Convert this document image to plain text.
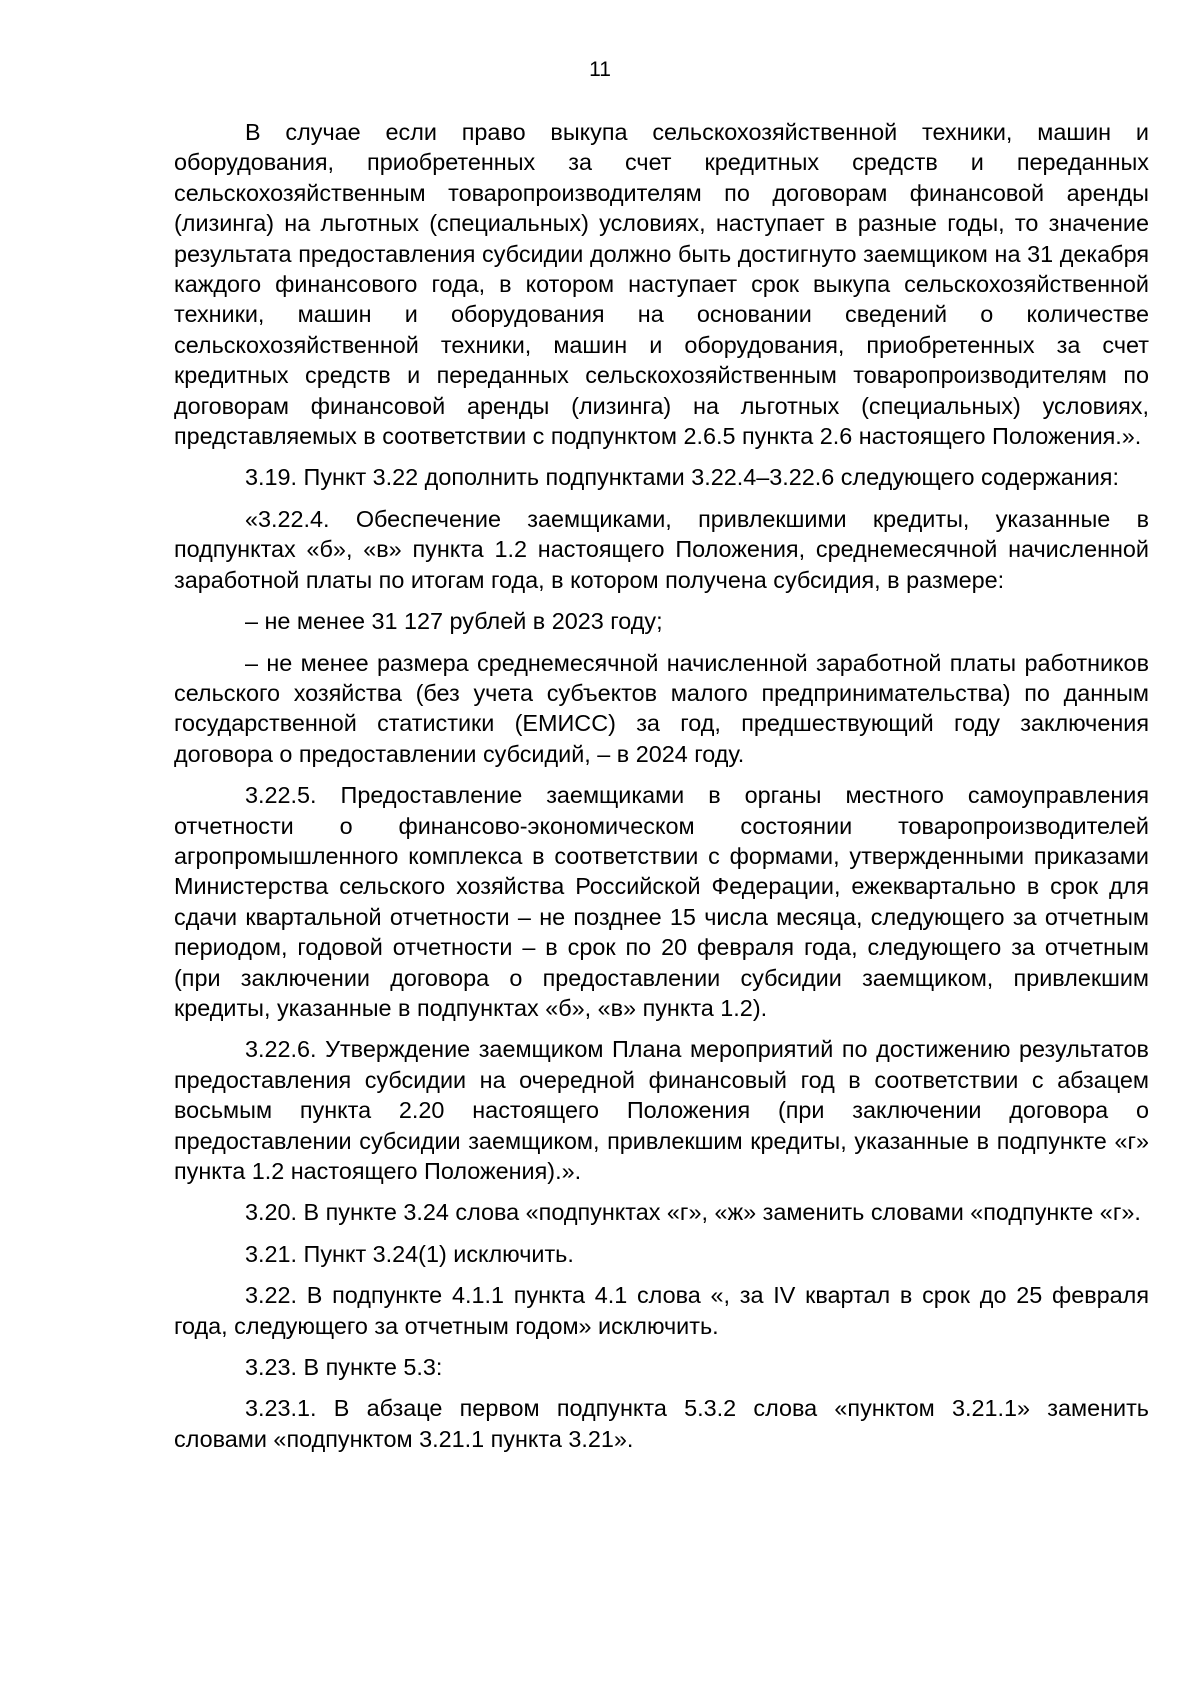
11

В случае если право выкупа сельскохозяйственной техники, машин и оборудования, приобретенных за счет кредитных средств и переданных сельскохозяйственным товаропроизводителям по договорам финансовой аренды (лизинга) на льготных (специальных) условиях, наступает в разные годы, то значение результата предоставления субсидии должно быть достигнуто заемщиком на 31 декабря каждого финансового года, в котором наступает срок выкупа сельскохозяйственной техники, машин и оборудования на основании сведений о количестве сельскохозяйственной техники, машин и оборудования, приобретенных за счет кредитных средств и переданных сельскохозяйственным товаропроизводителям по договорам финансовой аренды (лизинга) на льготных (специальных) условиях, представляемых в соответствии с подпунктом 2.6.5 пункта 2.6 настоящего Положения.».

3.19. Пункт 3.22 дополнить подпунктами 3.22.4–3.22.6 следующего содержания:

«3.22.4. Обеспечение заемщиками, привлекшими кредиты, указанные в подпунктах «б», «в» пункта 1.2 настоящего Положения, среднемесячной начисленной заработной платы по итогам года, в котором получена субсидия, в размере:

– не менее 31 127 рублей в 2023 году;

– не менее размера среднемесячной начисленной заработной платы работников сельского хозяйства (без учета субъектов малого предпринимательства) по данным государственной статистики (ЕМИСС) за год, предшествующий году заключения договора о предоставлении субсидий, – в 2024 году.

3.22.5. Предоставление заемщиками в органы местного самоуправления отчетности о финансово-экономическом состоянии товаропроизводителей агропромышленного комплекса в соответствии с формами, утвержденными приказами Министерства сельского хозяйства Российской Федерации, ежеквартально в срок для сдачи квартальной отчетности – не позднее 15 числа месяца, следующего за отчетным периодом, годовой отчетности – в срок по 20 февраля года, следующего за отчетным (при заключении договора о предоставлении субсидии заемщиком, привлекшим кредиты, указанные в подпунктах «б», «в» пункта 1.2).

3.22.6. Утверждение заемщиком Плана мероприятий по достижению результатов предоставления субсидии на очередной финансовый год в соответствии с абзацем восьмым пункта 2.20 настоящего Положения (при заключении договора о предоставлении субсидии заемщиком, привлекшим кредиты, указанные в подпункте «г» пункта 1.2 настоящего Положения).».

3.20. В пункте 3.24 слова «подпунктах «г», «ж» заменить словами «подпункте «г».

3.21. Пункт 3.24(1) исключить.

3.22. В подпункте 4.1.1 пункта 4.1 слова «, за IV квартал в срок до 25 февраля года, следующего за отчетным годом» исключить.

3.23. В пункте 5.3:

3.23.1. В абзаце первом подпункта 5.3.2 слова «пунктом 3.21.1» заменить словами «подпунктом 3.21.1 пункта 3.21».
